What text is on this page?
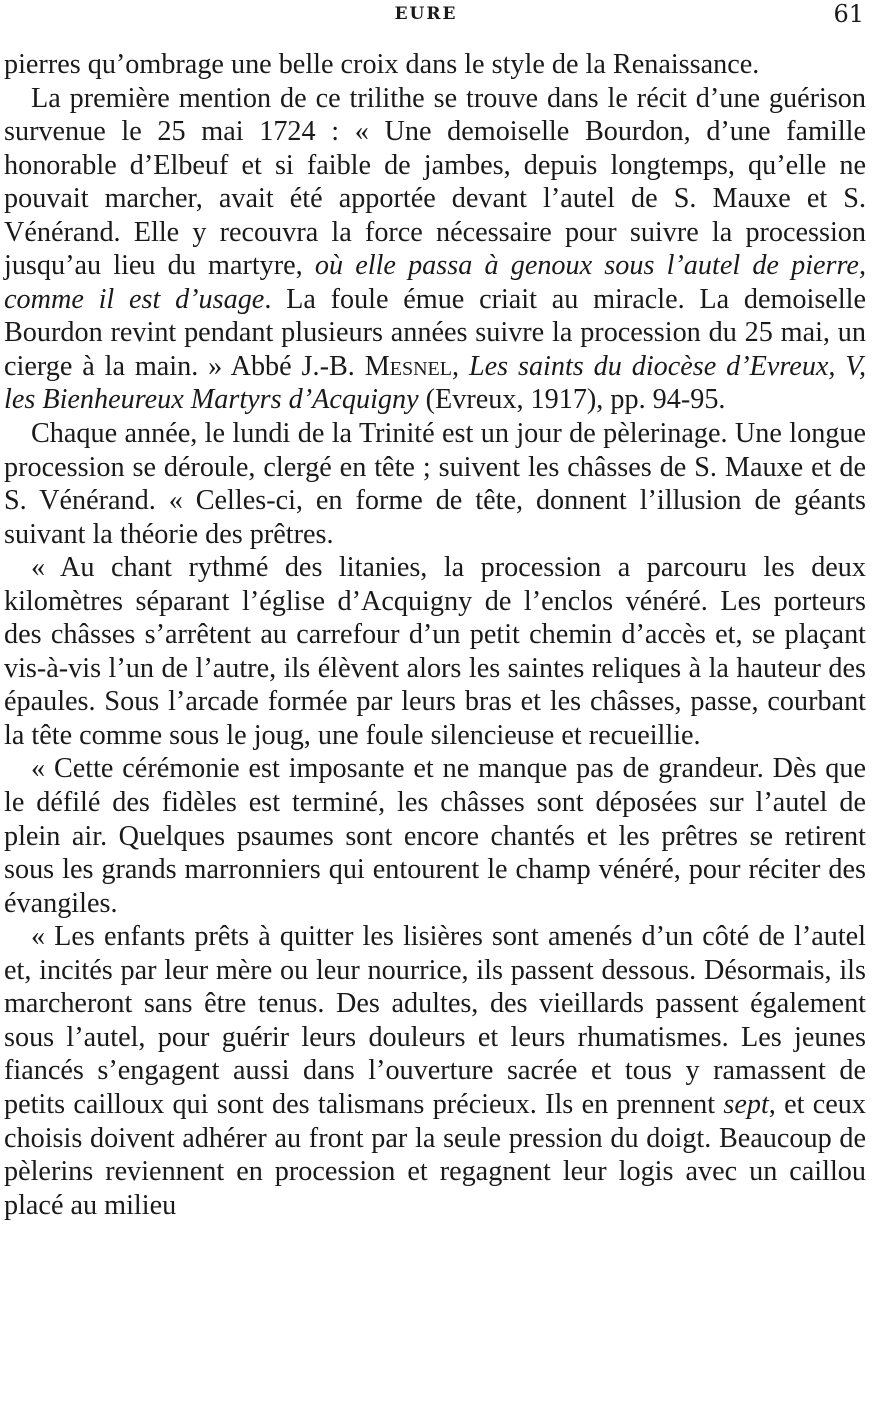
EURE	61

pierres qu’ombrage une belle croix dans le style de la Renaissance.

La première mention de ce trilithe se trouve dans le récit d’une guérison survenue le 25 mai 1724 : « Une demoiselle Bourdon, d’une famille honorable d’Elbeuf et si faible de jambes, depuis longtemps, qu’elle ne pouvait marcher, avait été apportée devant l’autel de S. Mauxe et S. Vénérand. Elle y recouvra la force nécessaire pour suivre la procession jusqu’au lieu du martyre, où elle passa à genoux sous l’autel de pierre, comme il est d’usage. La foule émue criait au miracle. La demoiselle Bourdon revint pendant plusieurs années suivre la procession du 25 mai, un cierge à la main. » Abbé J.-B. Mesnel, Les saints du diocèse d’Evreux, V, les Bienheureux Martyrs d’Acquigny (Evreux, 1917), pp. 94-95.

Chaque année, le lundi de la Trinité est un jour de pèlerinage. Une longue procession se déroule, clergé en tête ; suivent les châsses de S. Mauxe et de S. Vénérand. « Celles-ci, en forme de tête, donnent l’illusion de géants suivant la théorie des prêtres.

« Au chant rythmé des litanies, la procession a parcouru les deux kilomètres séparant l’église d’Acquigny de l’enclos vénéré. Les porteurs des châsses s’arrêtent au carrefour d’un petit chemin d’accès et, se plaçant vis-à-vis l’un de l’autre, ils élèvent alors les saintes reliques à la hauteur des épaules. Sous l’arcade formée par leurs bras et les châsses, passe, courbant la tête comme sous le joug, une foule silencieuse et recueillie.

« Cette cérémonie est imposante et ne manque pas de grandeur. Dès que le défilé des fidèles est terminé, les châsses sont déposées sur l’autel de plein air. Quelques psaumes sont encore chantés et les prêtres se retirent sous les grands marronniers qui entourent le champ vénéré, pour réciter des évangiles.

« Les enfants prêts à quitter les lisières sont amenés d’un côté de l’autel et, incités par leur mère ou leur nourrice, ils passent dessous. Désormais, ils marcheront sans être tenus. Des adultes, des vieillards passent également sous l’autel, pour guérir leurs douleurs et leurs rhumatismes. Les jeunes fiancés s’engagent aussi dans l’ouverture sacrée et tous y ramassent de petits cailloux qui sont des talismans précieux. Ils en prennent sept, et ceux choisis doivent adhérer au front par la seule pression du doigt. Beaucoup de pèlerins reviennent en procession et regagnent leur logis avec un caillou placé au milieu
